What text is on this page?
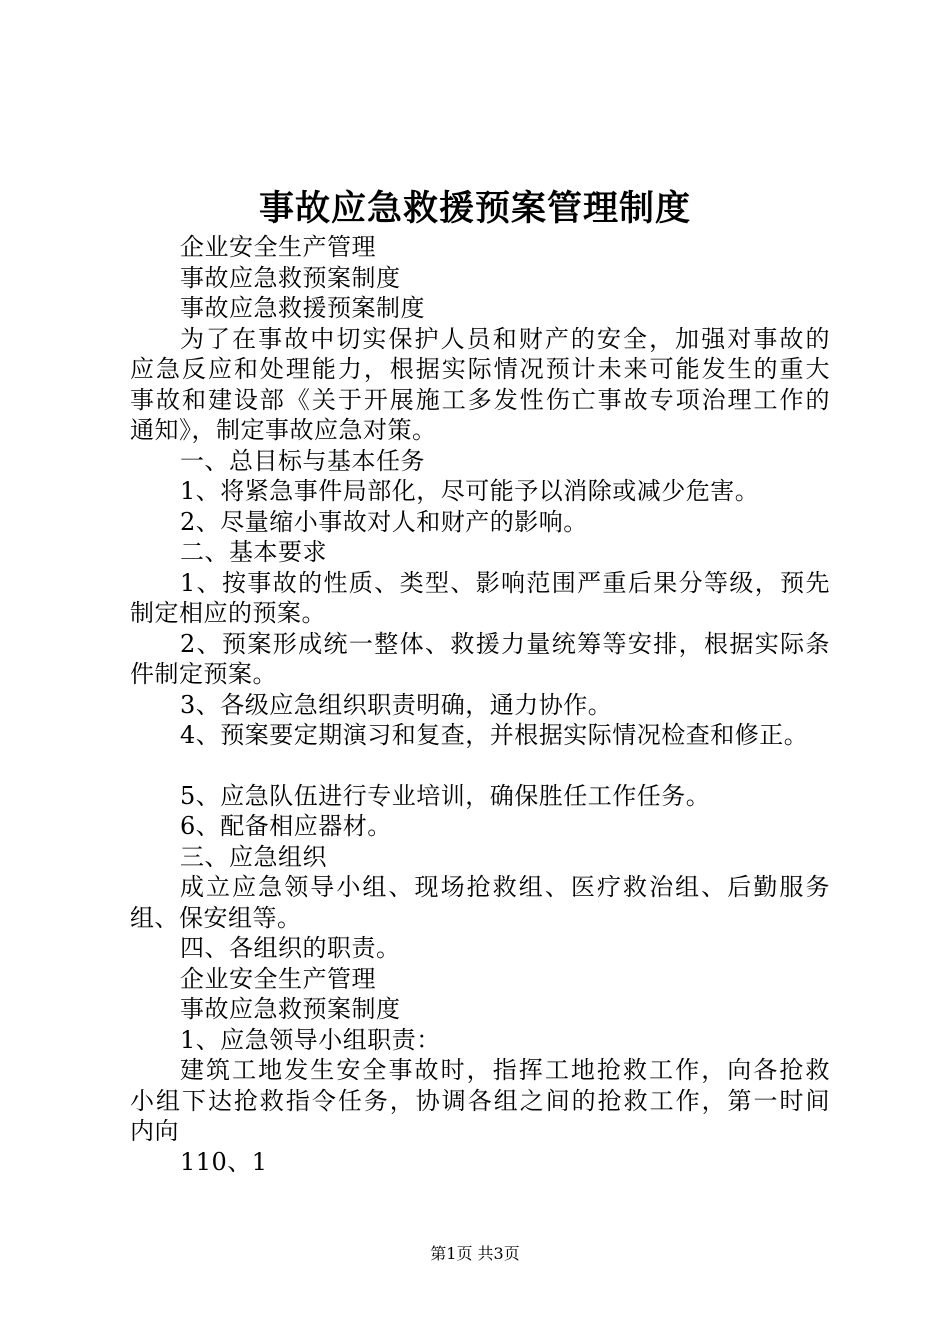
事故应急救援预案管理制度
企业安全生产管理
事故应急救预案制度
事故应急救援预案制度
为了在事故中切实保护人员和财产的安全，加强对事故的
应急反应和处理能力，根据实际情况预计未来可能发生的重大
事故和建设部《关于开展施工多发性伤亡事故专项治理工作的
通知》，制定事故应急对策。
一、总目标与基本任务
1、将紧急事件局部化，尽可能予以消除或减少危害。
2、尽量缩小事故对人和财产的影响。
二、基本要求
1、按事故的性质、类型、影响范围严重后果分等级，预先
制定相应的预案。
2、预案形成统一整体、救援力量统筹等安排，根据实际条
件制定预案。
3、各级应急组织职责明确，通力协作。
4、预案要定期演习和复查，并根据实际情况检查和修正。
5、应急队伍进行专业培训，确保胜任工作任务。
6、配备相应器材。
三、应急组织
成立应急领导小组、现场抢救组、医疗救治组、后勤服务
组、保安组等。
四、各组织的职责。
企业安全生产管理
事故应急救预案制度
1、应急领导小组职责：
建筑工地发生安全事故时，指挥工地抢救工作，向各抢救
小组下达抢救指令任务，协调各组之间的抢救工作，第一时间
内向
110、1
第1页 共3页
